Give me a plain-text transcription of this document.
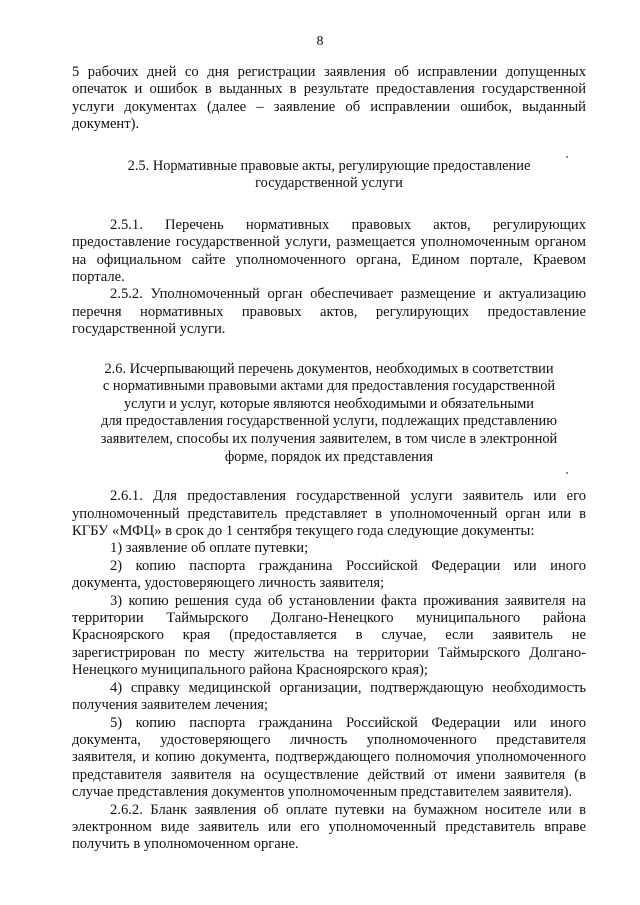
8

5 рабочих дней со дня регистрации заявления об исправлении допущенных опечаток и ошибок в выданных в результате предоставления государственной услуги документах (далее – заявление об исправлении ошибок, выданный документ).

2.5. Нормативные правовые акты, регулирующие предоставление государственной услуги

2.5.1. Перечень нормативных правовых актов, регулирующих предоставление государственной услуги, размещается уполномоченным органом на официальном сайте уполномоченного органа, Едином портале, Краевом портале.

2.5.2. Уполномоченный орган обеспечивает размещение и актуализацию перечня нормативных правовых актов, регулирующих предоставление государственной услуги.

2.6. Исчерпывающий перечень документов, необходимых в соответствии
с нормативными правовыми актами для предоставления государственной
услуги и услуг, которые являются необходимыми и обязательными
для предоставления государственной услуги, подлежащих представлению
заявителем, способы их получения заявителем, в том числе в электронной
форме, порядок их представления

2.6.1. Для предоставления государственной услуги заявитель или его уполномоченный представитель представляет в уполномоченный орган или в КГБУ «МФЦ» в срок до 1 сентября текущего года следующие документы:

1) заявление об оплате путевки;

2) копию паспорта гражданина Российской Федерации или иного документа, удостоверяющего личность заявителя;

3) копию решения суда об установлении факта проживания заявителя на территории Таймырского Долгано-Ненецкого муниципального района Красноярского края (предоставляется в случае, если заявитель не зарегистрирован по месту жительства на территории Таймырского Долгано-Ненецкого муниципального района Красноярского края);

4) справку медицинской организации, подтверждающую необходимость получения заявителем лечения;

5) копию паспорта гражданина Российской Федерации или иного документа, удостоверяющего личность уполномоченного представителя заявителя, и копию документа, подтверждающего полномочия уполномоченного представителя заявителя на осуществление действий от имени заявителя (в случае представления документов уполномоченным представителем заявителя).

2.6.2. Бланк заявления об оплате путевки на бумажном носителе или в электронном виде заявитель или его уполномоченный представитель вправе получить в уполномоченном органе.
